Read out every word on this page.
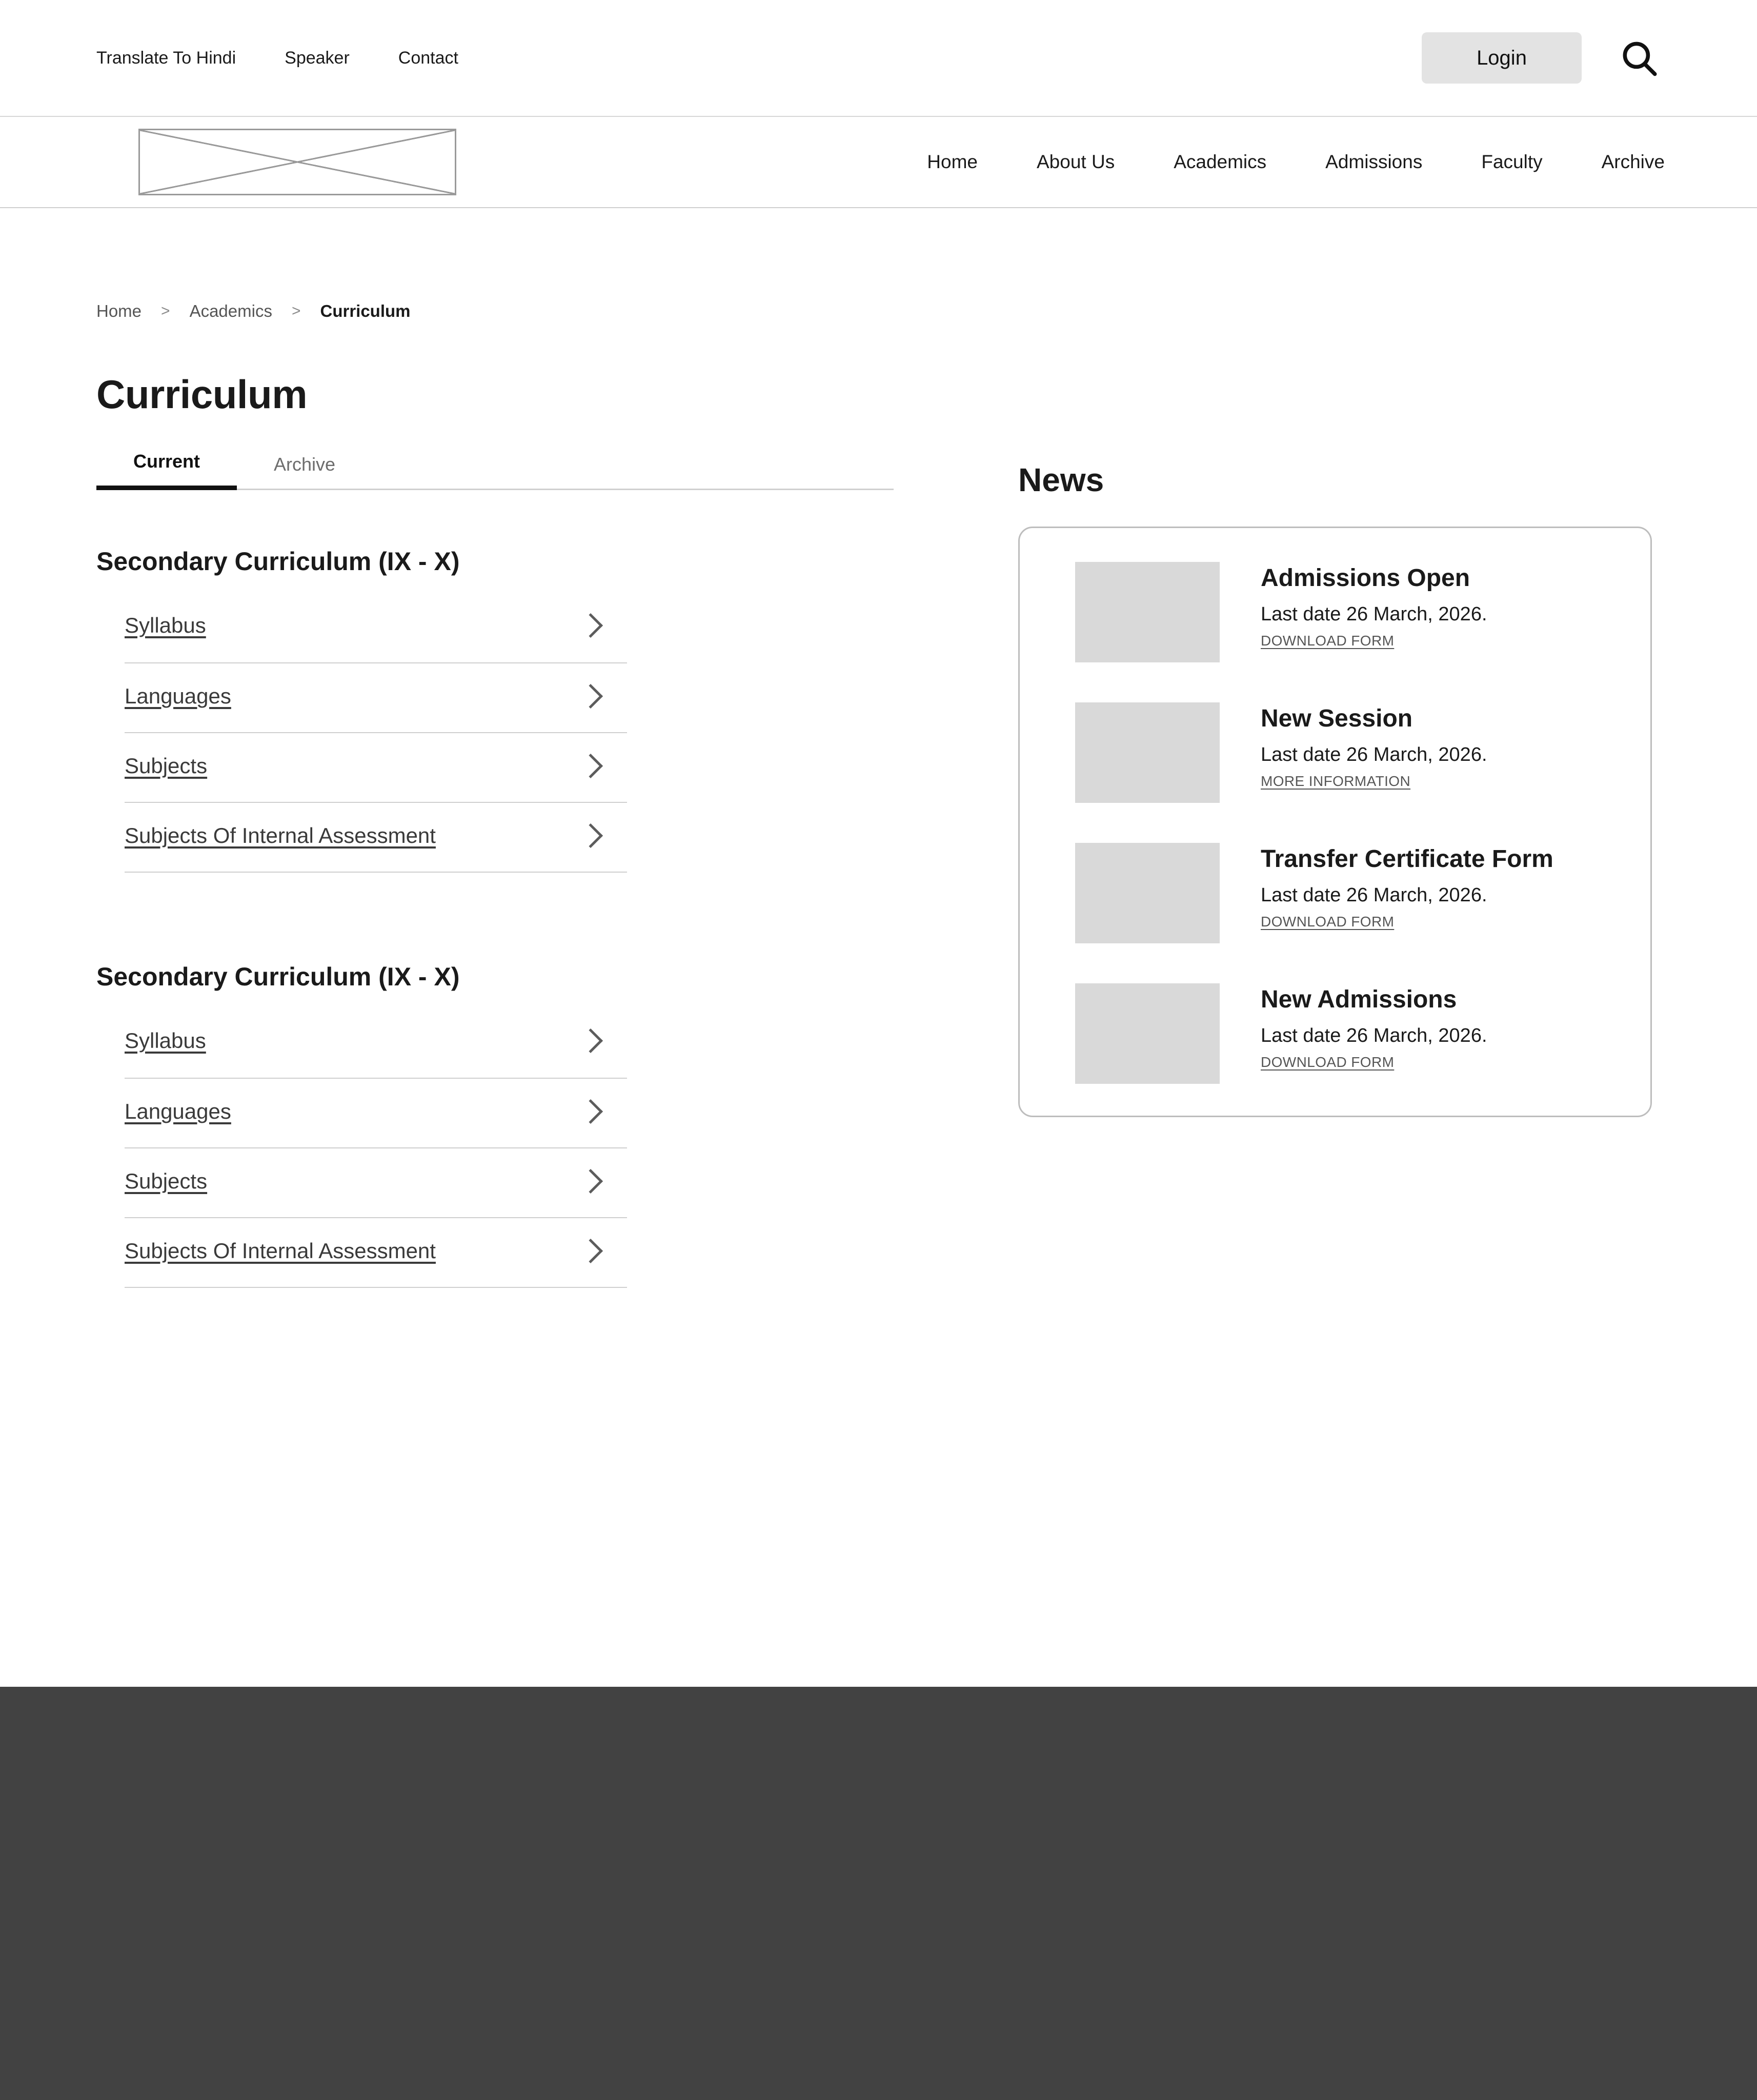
Translate To Hindi	Speaker	Contact	Login
Home	About Us	Academics	Admissions	Faculty	Archive
Home > Academics > Curriculum
Curriculum
Current	Archive
Secondary Curriculum (IX - X)
Syllabus
Languages
Subjects
Subjects Of Internal Assessment
Secondary Curriculum (IX - X)
Syllabus
Languages
Subjects
Subjects Of Internal Assessment
News
Admissions Open
Last date 26 March, 2026.
DOWNLOAD FORM
New Session
Last date 26 March, 2026.
MORE INFORMATION
Transfer Certificate Form
Last date 26 March, 2026.
DOWNLOAD FORM
New Admissions
Last date 26 March, 2026.
DOWNLOAD FORM
